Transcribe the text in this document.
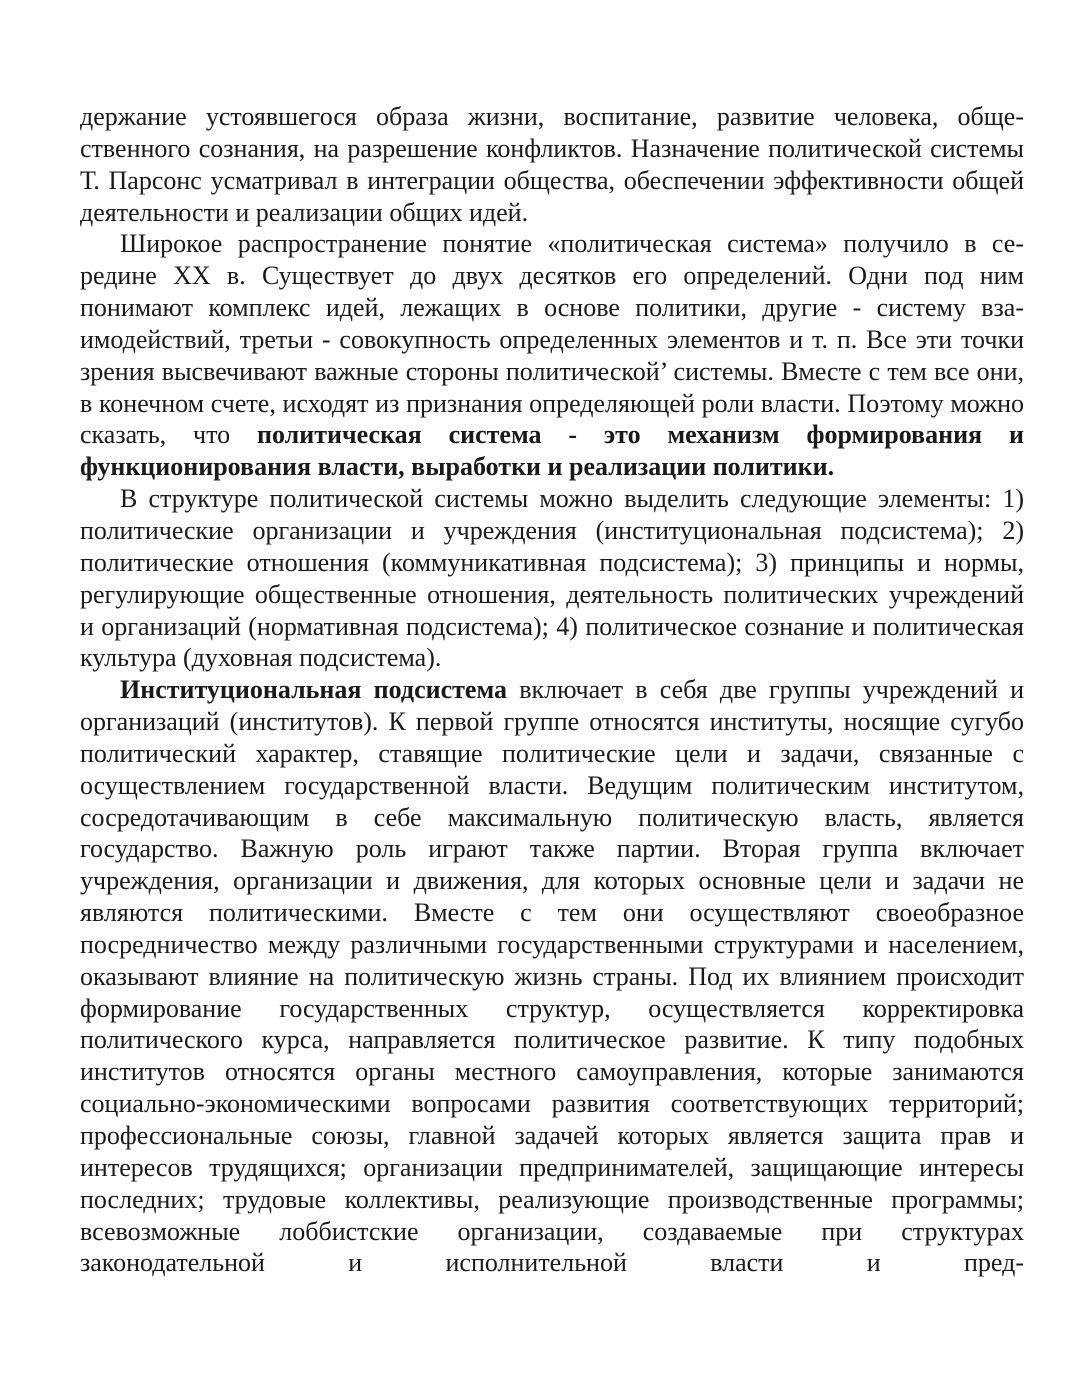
держание устоявшегося образа жизни, воспитание, развитие человека, общественного сознания, на разрешение конфликтов. Назначение политической системы Т. Парсонс усматривал в интеграции общества, обеспечении эффективности общей деятельности и реализации общих идей.

Широкое распространение понятие «политическая система» получило в середине XX в. Существует до двух десятков его определений. Одни под ним понимают комплекс идей, лежащих в основе политики, другие - систему взаимодействий, третьи - совокупность определенных элементов и т. п. Все эти точки зрения высвечивают важные стороны политической’ системы. Вместе с тем все они, в конечном счете, исходят из признания определяющей роли власти. Поэтому можно сказать, что политическая система - это механизм формирования и функционирования власти, выработки и реализации политики.

В структуре политической системы можно выделить следующие элементы: 1) политические организации и учреждения (институциональная подсистема); 2) политические отношения (коммуникативная подсистема); 3) принципы и нормы, регулирующие общественные отношения, деятельность политических учреждений и организаций (нормативная подсистема); 4) политическое сознание и политическая культура (духовная подсистема).

Институциональная подсистема включает в себя две группы учреждений и организаций (институтов). К первой группе относятся институты, носящие сугубо политический характер, ставящие политические цели и задачи, связанные с осуществлением государственной власти. Ведущим политическим институтом, сосредотачивающим в себе максимальную политическую власть, является государство. Важную роль играют также партии. Вторая группа включает учреждения, организации и движения, для которых основные цели и задачи не являются политическими. Вместе с тем они осуществляют своеобразное посредничество между различными государственными структурами и населением, оказывают влияние на политическую жизнь страны. Под их влиянием происходит формирование государственных структур, осуществляется корректировка политического курса, направляется политическое развитие. К типу подобных институтов относятся органы местного самоуправления, которые занимаются социально-экономическими вопросами развития соответствующих территорий; профессиональные союзы, главной задачей которых является защита прав и интересов трудящихся; организации предпринимателей, защищающие интересы последних; трудовые коллективы, реализующие производственные программы; всевозможные лоббистские организации, создаваемые при структурах законодательной и исполнительной власти и пред-
